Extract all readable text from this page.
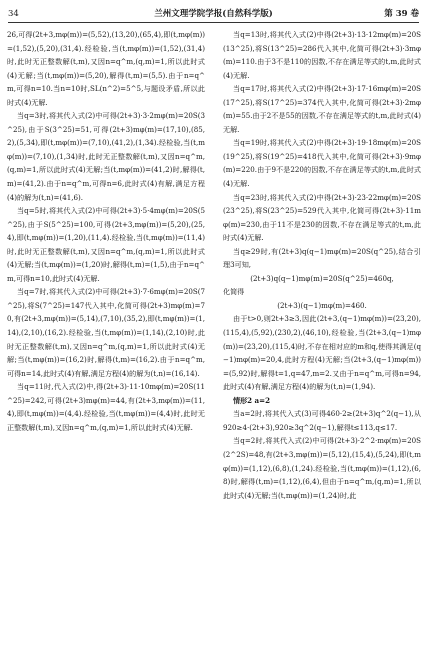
34	兰州文理学院学报(自然科学版)	第 39 卷

26,可得(2t+3,mφ(m))=(5,52),(13,20),(65,4),即(t,mφ(m))=(1,52),(5,20),(31,4).经检验,当(t,mφ(m))=(1,52),(31,4)时,此时无正整数解(t,m),又因n=q^m,(q,m)=1,所以此时式(4)无解;当(t,mφ(m))=(5,20),解得(t,m)=(5,5).由于n=q^m,可得n=10.当n=10时,SL(n^2)=5^5,与题设矛盾,所以此时式(4)无解.

当q=3时,将其代入式(2)中可得(2t+3)·3·2mφ(m)=20S(3^25),由于S(3^25)=51,可得(2t+3)mφ(m)=(17,10),(85,2),(5,34),即(t,mφ(m))=(7,10),(41,2),(1,34).经检验,当(t,mφ(m))=(7,10),(1,34)时,此时无正整数解(t,m),又因n=q^m,(q,m)=1,所以此时式(4)无解;当(t,mφ(m))=(41,2)时,解得(t,m)=(41,2).由于n=q^m,可得n=6,此时式(4)有解,满足方程(4)的解为(t,n)=(41,6).

当q=5时,将其代入式(2)中可得(2t+3)·5·4mφ(m)=20S(5^25),由于S(5^25)=100,可得(2t+3,mφ(m))=(5,20),(25,4),即(t,mφ(m))=(1,20),(11,4).经检验,当(t,mφ(m))=(11,4)时,此时无正整数解(t,m),又因n=q^m,(q,m)=1,所以此时式(4)无解;当(t,mφ(m))=(1,20)时,解得(t,m)=(1,5),由于n=q^m,可得n=10,此时式(4)无解.

当q=7时,将其代入式(2)中可得(2t+3)·7·6mφ(m)=20S(7^25),将S(7^25)=147代入其中,化简可得(2t+3)mφ(m)=70,有(2t+3,mφ(m))=(5,14),(7,10),(35,2),即(t,mφ(m))=(1,14),(2,10),(16,2).经检验,当(t,mφ(m))=(1,14),(2,10)时,此时无正整数解(t,m),又因n=q^m,(q,m)=1,所以此时式(4)无解;当(t,mφ(m))=(16,2)时,解得(t,m)=(16,2).由于n=q^m,可得n=14,此时式(4)有解,满足方程(4)的解为(t,n)=(16,14).

当q=11时,代入式(2)中,得(2t+3)·11·10mφ(m)=20S(11^25)=242,可得(2t+3)mφ(m)=44,有(2t+3,mφ(m))=(11,4),即(t,mφ(m))=(4,4).经检验,当(t,mφ(m))=(4,4)时,此时无正整数解(t,m),又因n=q^m,(q,m)=1,所以此时式(4)无解.

当q=13时,将其代入式(2)中得(2t+3)·13·12mφ(m)=20S(13^25),将S(13^25)=286代入其中,化简可得(2t+3)·3mφ(m)=110.由于3不是110的因数,不存在满足等式的t,m,此时式(4)无解.

当q=17时,将其代入式(2)中得(2t+3)·17·16mφ(m)=20S(17^25),将S(17^25)=374代入其中,化简可得(2t+3)·2mφ(m)=55.由于2不是55的因数,不存在满足等式的t,m,此时式(4)无解.

当q=19时,将其代入式(2)中得(2t+3)·19·18mφ(m)=20S(19^25),将S(19^25)=418代入其中,化简可得(2t+3)·9mφ(m)=220.由于9不是220的因数,不存在满足等式的t,m,此时式(4)无解.

当q=23时,将其代入式(2)中得(2t+3)·23·22mφ(m)=20S(23^25),将S(23^25)=529代入其中,化简可得(2t+3)·11mφ(m)=230,由于11不是230的因数,不存在满足等式的t,m,此时式(4)无解.

当q≥29时,有(2t+3)q(q−1)mφ(m)=20S(q^25),结合引理3可知,

(2t+3)q(q−1)mφ(m)=20S(q^25)=460q,

化简得

(2t+3)(q−1)mφ(m)=460.

由于t>0,则2t+3≥3,因此(2t+3,(q−1)mφ(m))=(23,20),(115,4),(5,92),(230,2),(46,10),经检验,当(2t+3,(q−1)mφ(m))=(23,20),(115,4)时,不存在相对应的m和q,使得其满足(q−1)mφ(m)=20,4,此时方程(4)无解;当(2t+3,(q−1)mφ(m))=(5,92)时,解得t=1,q=47,m=2.又由于n=q^m,可得n=94,此时式(4)有解,满足方程(4)的解为(t,n)=(1,94).

情形2 a=2

当a=2时,将其代入式(3)可得460·2≥(2t+3)q^2(q−1),从920≥4·(2t+3),920≥3q^2(q−1),解得t≤113,q≤17.

当q=2时,将其代入式(2)中可得(2t+3)·2^2·mφ(m)=20S(2^2S)=48,有(2t+3,mφ(m))=(5,12),(15,4),(5,24),即(t,mφ(m))=(1,12),(6,8),(1,24).经检验,当(t,mφ(m))=(1,12),(6,8)时,解得(t,m)=(1,12),(6,4),但由于n=q^m,(q,m)=1,所以此时式(4)无解;当(t,mφ(m))=(1,24)时,此
